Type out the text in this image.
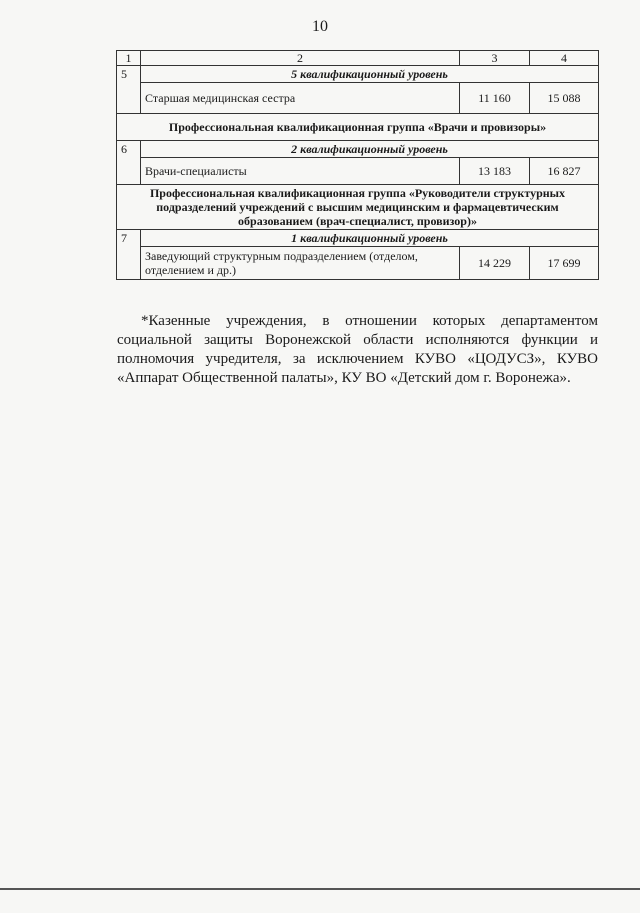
10
1	2	3	4
5	5 квалификационный уровень		
	Старшая медицинская сестра	11 160	15 088
Профессиональная квалификационная группа «Врачи и провизоры»			
6	2 квалификационный уровень		
	Врачи-специалисты	13 183	16 827
Профессиональная квалификационная группа «Руководители структурных подразделений учреждений с высшим медицинским и фармацевтическим образованием (врач-специалист, провизор)»			
7	1 квалификационный уровень		
	Заведующий структурным подразделением (отделом, отделением и др.)	14 229	17 699

*Казенные учреждения, в отношении которых департаментом социальной защиты Воронежской области исполняются функции и полномочия учредителя, за исключением КУВО «ЦОДУСЗ», КУВО «Аппарат Общественной палаты», КУ ВО «Детский дом г. Воронежа».
